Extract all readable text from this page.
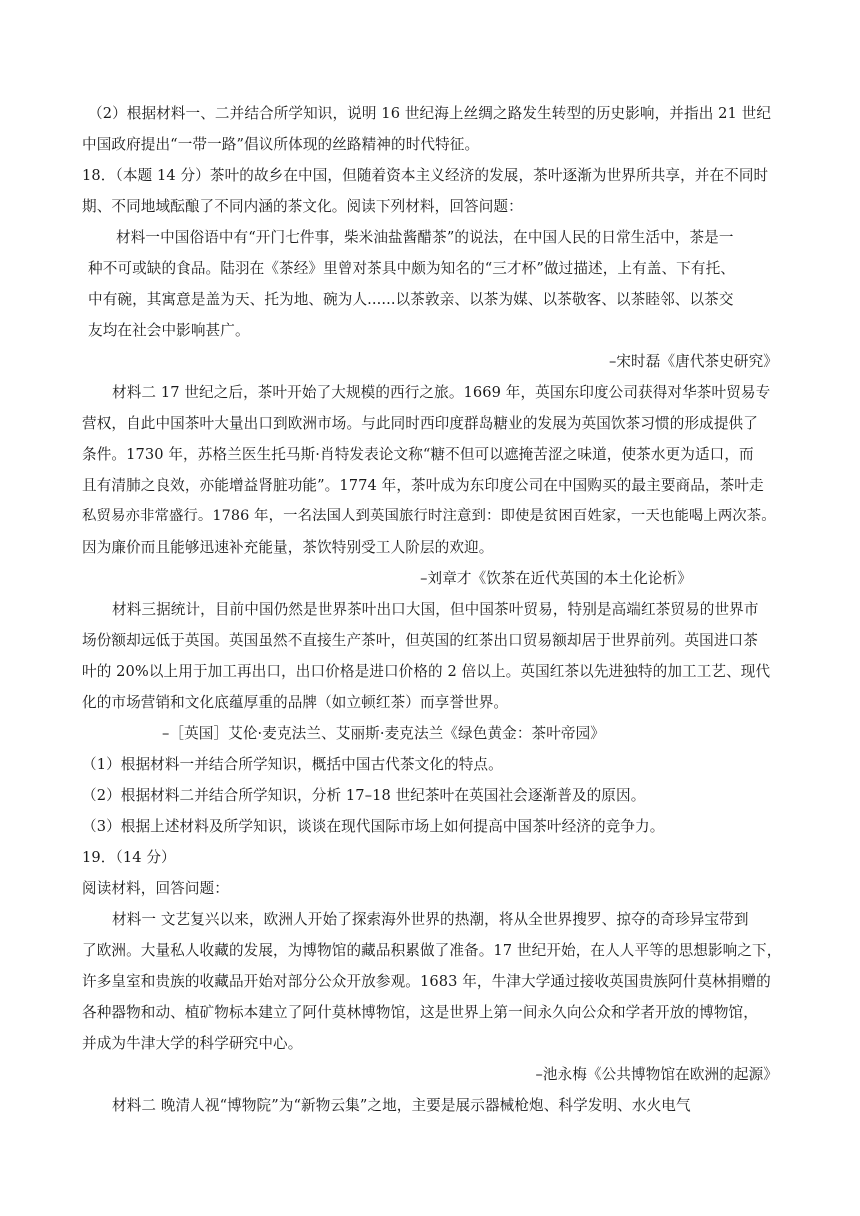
（2）根据材料一、二并结合所学知识，说明 16 世纪海上丝绸之路发生转型的历史影响，并指出 21 世纪
中国政府提出“一带一路”倡议所体现的丝路精神的时代特征。
18．（本题 14 分）茶叶的故乡在中国，但随着资本主义经济的发展，茶叶逐渐为世界所共享，并在不同时
期、不同地域酝酿了不同内涵的茶文化。阅读下列材料，回答问题：
材料一中国俗语中有“开门七件事，柴米油盐酱醋茶”的说法，在中国人民的日常生活中，茶是一
种不可或缺的食品。陆羽在《茶经》里曾对茶具中颇为知名的“三才杯”做过描述，上有盖、下有托、
中有碗，其寓意是盖为天、托为地、碗为人......以茶敦亲、以茶为媒、以茶敬客、以茶睦邻、以茶交
友均在社会中影响甚广。
–宋时磊《唐代茶史研究》
材料二 17 世纪之后，茶叶开始了大规模的西行之旅。1669 年，英国东印度公司获得对华茶叶贸易专
营权，自此中国茶叶大量出口到欧洲市场。与此同时西印度群岛糖业的发展为英国饮茶习惯的形成提供了
条件。1730 年，苏格兰医生托马斯·肖特发表论文称“糖不但可以遮掩苦涩之味道，使茶水更为适口，而
且有清肺之良效，亦能增益肾脏功能”。1774 年，茶叶成为东印度公司在中国购买的最主要商品，茶叶走
私贸易亦非常盛行。1786 年，一名法国人到英国旅行时注意到：即使是贫困百姓家，一天也能喝上两次茶。
因为廉价而且能够迅速补充能量，茶饮特别受工人阶层的欢迎。
–刘章才《饮茶在近代英国的本土化论析》
材料三据统计，目前中国仍然是世界茶叶出口大国，但中国茶叶贸易，特别是高端红茶贸易的世界市
场份额却远低于英国。英国虽然不直接生产茶叶，但英国的红茶出口贸易额却居于世界前列。英国进口茶
叶的 20%以上用于加工再出口，出口价格是进口价格的 2 倍以上。英国红茶以先进独特的加工工艺、现代
化的市场营销和文化底蕴厚重的品牌（如立顿红茶）而享誉世界。
–［英国］艾伦·麦克法兰、艾丽斯·麦克法兰《绿色黄金：茶叶帝园》
（1）根据材料一并结合所学知识，概括中国古代茶文化的特点。
（2）根据材料二并结合所学知识，分析 17–18 世纪茶叶在英国社会逐渐普及的原因。
（3）根据上述材料及所学知识，谈谈在现代国际市场上如何提高中国茶叶经济的竞争力。
19．（14 分）
阅读材料，回答问题：
材料一 文艺复兴以来，欧洲人开始了探索海外世界的热潮，将从全世界搜罗、掠夺的奇珍异宝带到
了欧洲。大量私人收藏的发展，为博物馆的藏品积累做了准备。17 世纪开始，在人人平等的思想影响之下，
许多皇室和贵族的收藏品开始对部分公众开放参观。1683 年，牛津大学通过接收英国贵族阿什莫林捐赠的
各种器物和动、植矿物标本建立了阿什莫林博物馆，这是世界上第一间永久向公众和学者开放的博物馆，
并成为牛津大学的科学研究中心。
–池永梅《公共博物馆在欧洲的起源》
材料二 晚清人视“博物院”为“新物云集”之地，主要是展示器械枪炮、科学发明、水火电气
